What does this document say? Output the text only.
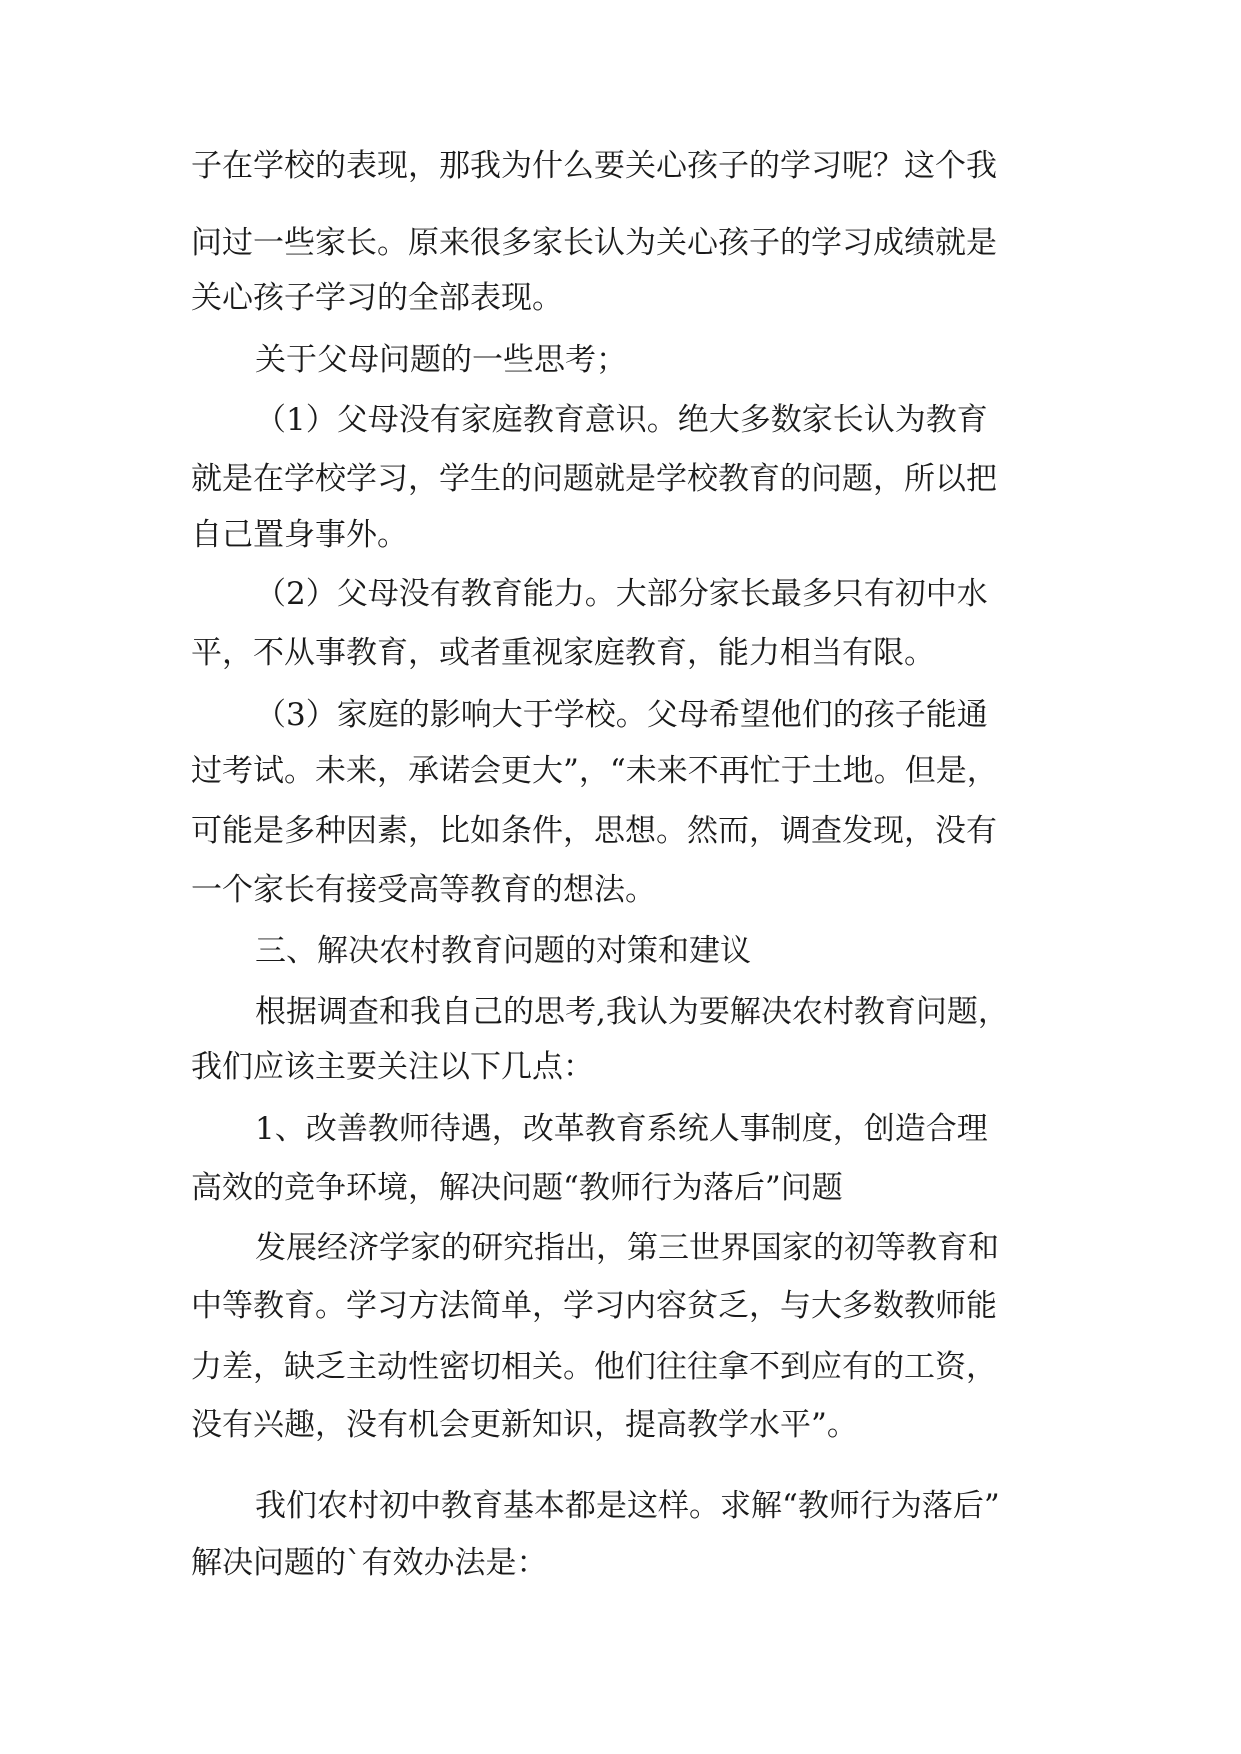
子在学校的表现，那我为什么要关心孩子的学习呢？这个我
问过一些家长。原来很多家长认为关心孩子的学习成绩就是
关心孩子学习的全部表现。
关于父母问题的一些思考；
（1）父母没有家庭教育意识。绝大多数家长认为教育
就是在学校学习，学生的问题就是学校教育的问题，所以把
自己置身事外。
（2）父母没有教育能力。大部分家长最多只有初中水
平，不从事教育，或者重视家庭教育，能力相当有限。
（3）家庭的影响大于学校。父母希望他们的孩子能通
过考试。未来，承诺会更大”，“未来不再忙于土地。但是，
可能是多种因素，比如条件，思想。然而，调查发现，没有
一个家长有接受高等教育的想法。
三、解决农村教育问题的对策和建议
根据调查和我自己的思考,我认为要解决农村教育问题，
我们应该主要关注以下几点：
1、改善教师待遇，改革教育系统人事制度，创造合理
高效的竞争环境，解决问题“教师行为落后”问题
发展经济学家的研究指出，第三世界国家的初等教育和
中等教育。学习方法简单，学习内容贫乏，与大多数教师能
力差，缺乏主动性密切相关。他们往往拿不到应有的工资，
没有兴趣，没有机会更新知识，提高教学水平”。
我们农村初中教育基本都是这样。求解“教师行为落后”
解决问题的`有效办法是：
